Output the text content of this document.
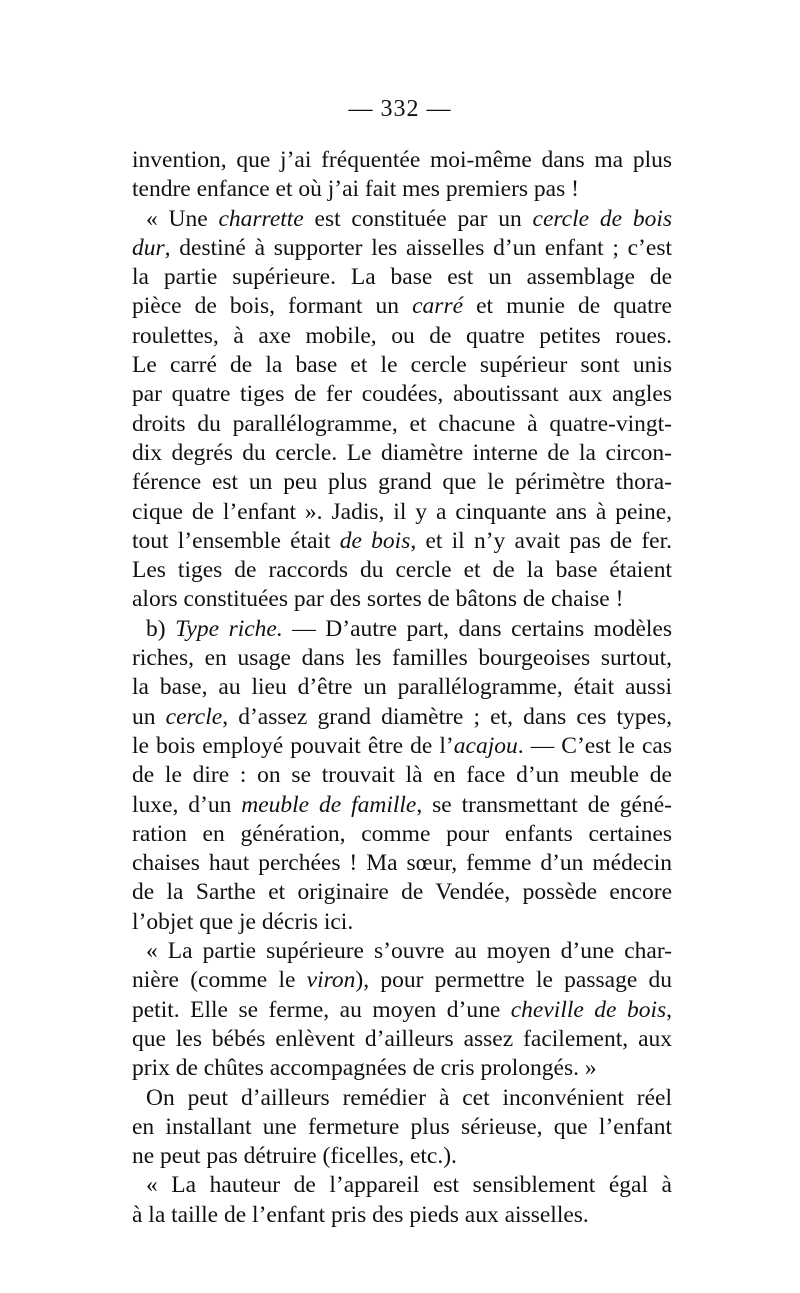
— 332 —
invention, que j’ai fréquentée moi-même dans ma plus
tendre enfance et où j’ai fait mes premiers pas !
« Une charrette est constituée par un cercle de bois
dur, destiné à supporter les aisselles d’un enfant ; c’est
la partie supérieure. La base est un assemblage de
pièce de bois, formant un carré et munie de quatre
roulettes, à axe mobile, ou de quatre petites roues.
Le carré de la base et le cercle supérieur sont unis
par quatre tiges de fer coudées, aboutissant aux angles
droits du parallélogramme, et chacune à quatre-vingt-
dix degrés du cercle. Le diamètre interne de la circon-
férence est un peu plus grand que le périmètre thora-
cique de l’enfant ». Jadis, il y a cinquante ans à peine,
tout l’ensemble était de bois, et il n’y avait pas de fer.
Les tiges de raccords du cercle et de la base étaient
alors constituées par des sortes de bâtons de chaise !
b) Type riche. — D’autre part, dans certains modèles
riches, en usage dans les familles bourgeoises surtout,
la base, au lieu d’être un parallélogramme, était aussi
un cercle, d’assez grand diamètre ; et, dans ces types,
le bois employé pouvait être de l’acajou. — C’est le cas
de le dire : on se trouvait là en face d’un meuble de
luxe, d’un meuble de famille, se transmettant de géné-
ration en génération, comme pour enfants certaines
chaises haut perchées ! Ma sœur, femme d’un médecin
de la Sarthe et originaire de Vendée, possède encore
l’objet que je décris ici.
« La partie supérieure s’ouvre au moyen d’une char-
nière (comme le viron), pour permettre le passage du
petit. Elle se ferme, au moyen d’une cheville de bois,
que les bébés enlèvent d’ailleurs assez facilement, aux
prix de chûtes accompagnées de cris prolongés. »
On peut d’ailleurs remédier à cet inconvénient réel
en installant une fermeture plus sérieuse, que l’enfant
ne peut pas détruire (ficelles, etc.).
« La hauteur de l’appareil est sensiblement égal à
à la taille de l’enfant pris des pieds aux aisselles.
